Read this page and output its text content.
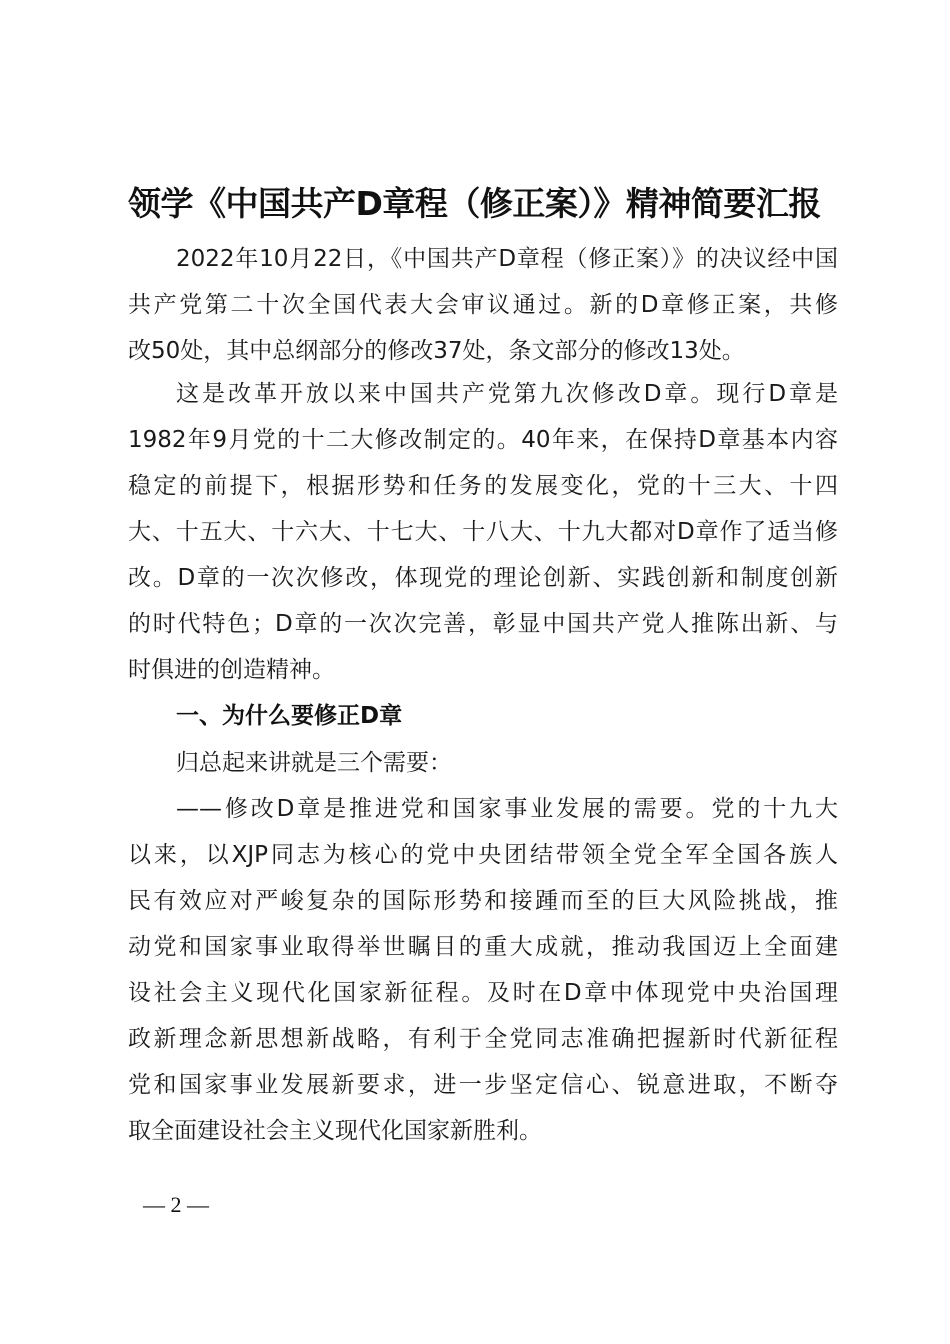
领学《中国共产D章程（修正案）》精神简要汇报
2022年10月22日，《中国共产D章程（修正案）》的决议经中国
共产党第二十次全国代表大会审议通过。新的D章修正案，共修
改50处，其中总纲部分的修改37处，条文部分的修改13处。
这是改革开放以来中国共产党第九次修改D章。现行D章是
1982年9月党的十二大修改制定的。40年来，在保持D章基本内容
稳定的前提下，根据形势和任务的发展变化，党的十三大、十四
大、十五大、十六大、十七大、十八大、十九大都对D章作了适当修
改。D章的一次次修改，体现党的理论创新、实践创新和制度创新
的时代特色；D章的一次次完善，彰显中国共产党人推陈出新、与
时俱进的创造精神。
一、为什么要修正D章
归总起来讲就是三个需要：
——修改D章是推进党和国家事业发展的需要。党的十九大
以来，以XJP同志为核心的党中央团结带领全党全军全国各族人
民有效应对严峻复杂的国际形势和接踵而至的巨大风险挑战，推
动党和国家事业取得举世瞩目的重大成就，推动我国迈上全面建
设社会主义现代化国家新征程。及时在D章中体现党中央治国理
政新理念新思想新战略，有利于全党同志准确把握新时代新征程
党和国家事业发展新要求，进一步坚定信心、锐意进取，不断夺
取全面建设社会主义现代化国家新胜利。
— 2 —
